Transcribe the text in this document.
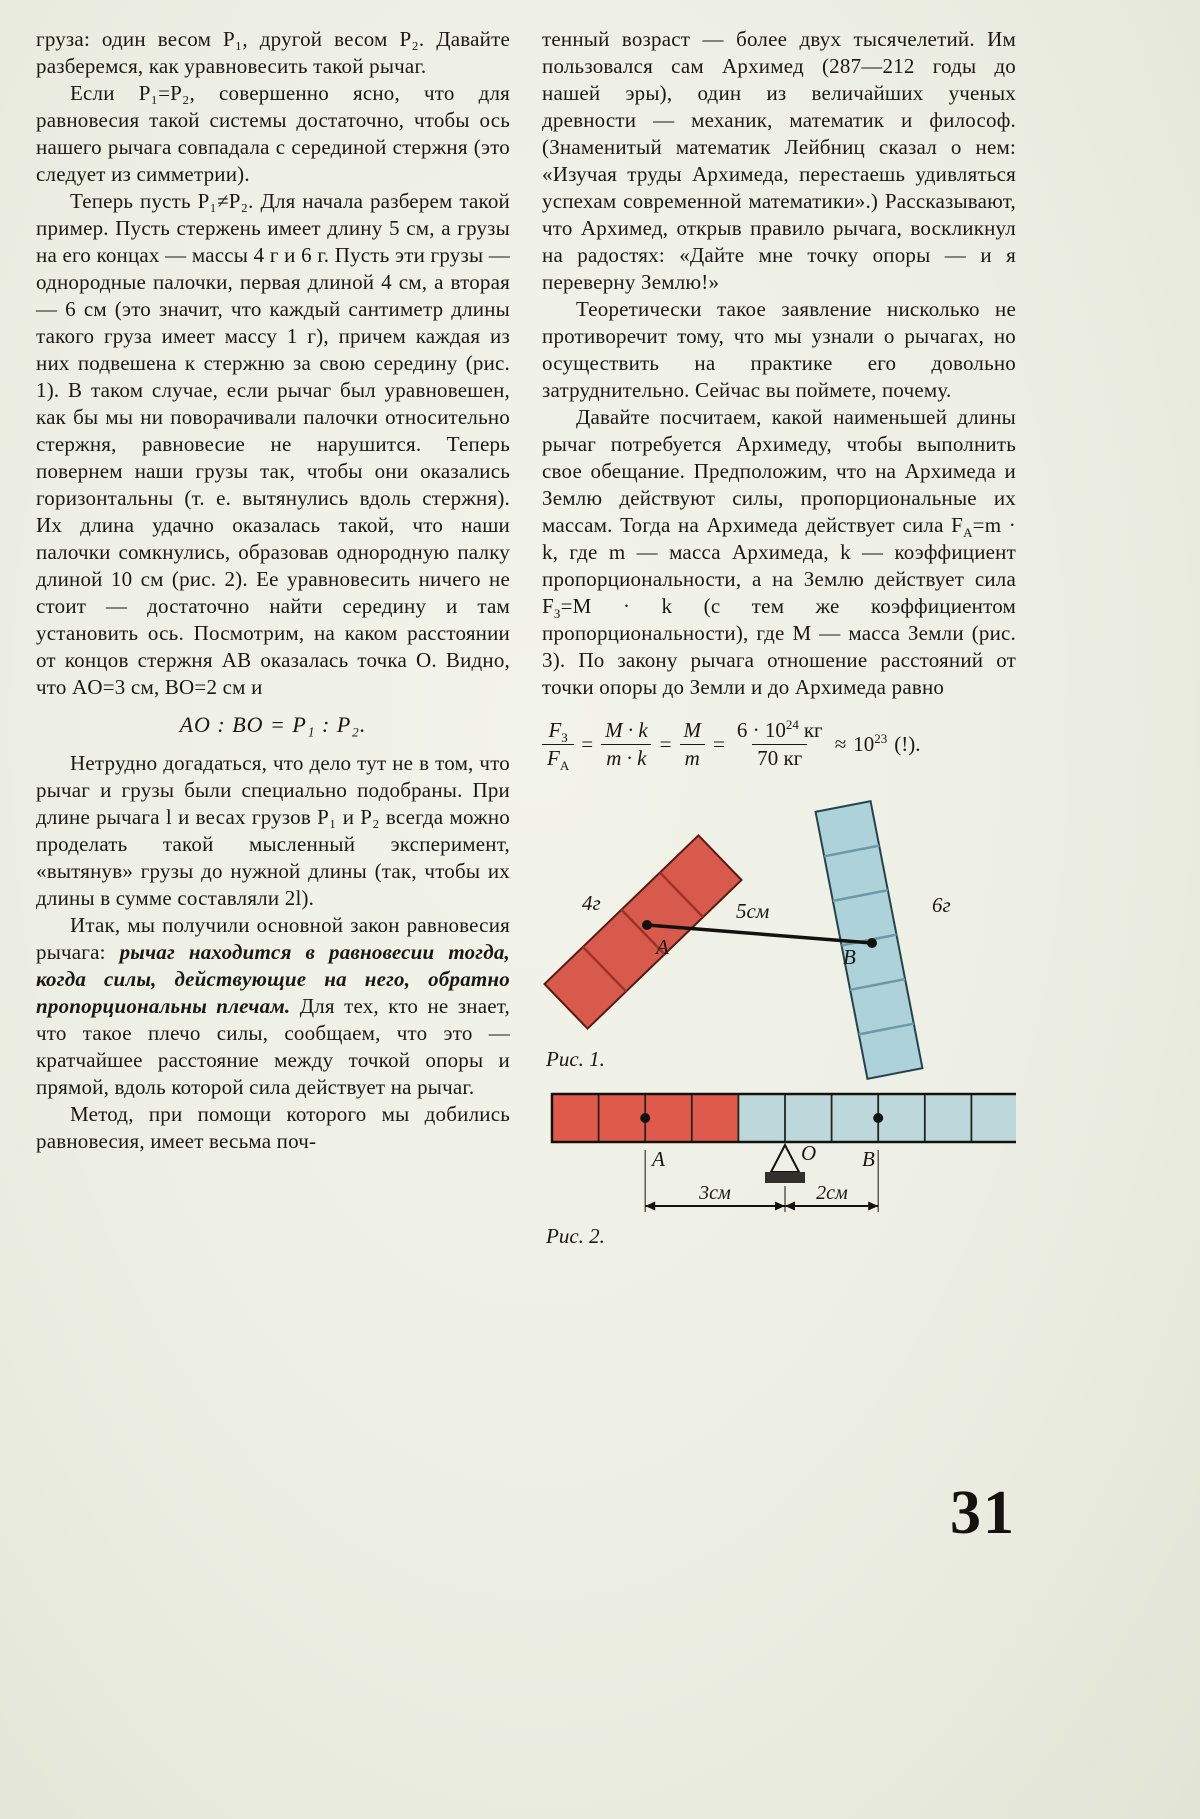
груза: один весом P₁, другой весом P₂. Давайте разберемся, как уравновесить такой рычаг.

Если P₁=P₂, совершенно ясно, что для равновесия такой системы достаточно, чтобы ось нашего рычага совпадала с серединой стержня (это следует из симметрии).

Теперь пусть P₁≠P₂. Для начала разберем такой пример. Пусть стержень имеет длину 5 см, а грузы на его концах — массы 4 г и 6 г. Пусть эти грузы — однородные палочки, первая длиной 4 см, а вторая — 6 см (это значит, что каждый сантиметр длины такого груза имеет массу 1 г), причем каждая из них подвешена к стержню за свою середину (рис. 1). В таком случае, если рычаг был уравновешен, как бы мы ни поворачивали палочки относительно стержня, равновесие не нарушится. Теперь повернем наши грузы так, чтобы они оказались горизонтальны (т. е. вытянулись вдоль стержня). Их длина удачно оказалась такой, что наши палочки сомкнулись, образовав однородную палку длиной 10 см (рис. 2). Ее уравновесить ничего не стоит — достаточно найти середину и там установить ось. Посмотрим, на каком расстоянии от концов стержня AB оказалась точка O. Видно, что AO=3 см, BO=2 см и

AO : BO = P₁ : P₂.

Нетрудно догадаться, что дело тут не в том, что рычаг и грузы были специально подобраны. При длине рычага l и весах грузов P₁ и P₂ всегда можно проделать такой мысленный эксперимент, «вытянув» грузы до нужной длины (так, чтобы их длины в сумме составляли 2l).

Итак, мы получили основной закон равновесия рычага: рычаг находится в равновесии тогда, когда силы, действующие на него, обратно пропорциональны плечам. Для тех, кто не знает, что такое плечо силы, сообщаем, что это — кратчайшее расстояние между точкой опоры и прямой, вдоль которой сила действует на рычаг.

Метод, при помощи которого мы добились равновесия, имеет весьма поч-

тенный возраст — более двух тысячелетий. Им пользовался сам Архимед (287—212 годы до нашей эры), один из величайших ученых древности — механик, математик и философ. (Знаменитый математик Лейбниц сказал о нем: «Изучая труды Архимеда, перестаешь удивляться успехам современной математики».) Рассказывают, что Архимед, открыв правило рычага, воскликнул на радостях: «Дайте мне точку опоры — и я переверну Землю!»

Теоретически такое заявление нисколько не противоречит тому, что мы узнали о рычагах, но осуществить на практике его довольно затруднительно. Сейчас вы поймете, почему.

Давайте посчитаем, какой наименьшей длины рычаг потребуется Архимеду, чтобы выполнить свое обещание. Предположим, что на Архимеда и Землю действуют силы, пропорциональные их массам. Тогда на Архимеда действует сила $F_А=m \cdot k$, где m — масса Архимеда, k — коэффициент пропорциональности, а на Землю действует сила $F_З=M \cdot k$ (с тем же коэффициентом пропорциональности), где M — масса Земли (рис. 3). По закону рычага отношение расстояний от точки опоры до Земли и до Архимеда равно

$\frac{F_З}{F_А} = \frac{M \cdot k}{m \cdot k} = \frac{M}{m} = \frac{6 \cdot 10^{24} кг}{70 кг} \approx 10^{23}$ (!).
4г	5см	6г
A	B
Рис. 1.
A	O B
3см	2см
Рис. 2.
31
